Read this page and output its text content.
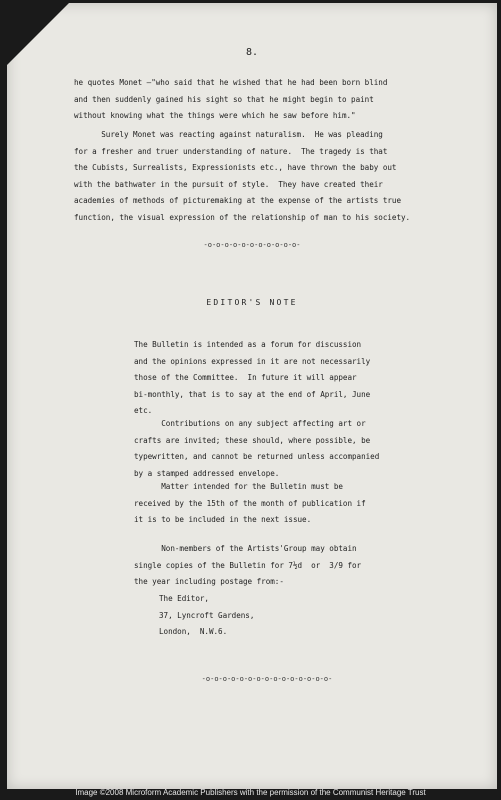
8.
he quotes Monet —"who said that he wished that he had been born blind
and then suddenly gained his sight so that he might begin to paint
without knowing what the things were which he saw before him."
Surely Monet was reacting against naturalism.  He was pleading
for a fresher and truer understanding of nature.  The tragedy is that
the Cubists, Surrealists, Expressionists etc., have thrown the baby out
with the bathwater in the pursuit of style.  They have created their
academies of methods of picturemaking at the expense of the artists true
function, the visual expression of the relationship of man to his society.
-o-o-o-o-o-o-o-o-o-o-o-
EDITOR'S NOTE
The Bulletin is intended as a forum for discussion
and the opinions expressed in it are not necessarily
those of the Committee.  In future it will appear
bi-monthly, that is to say at the end of April, June
etc.
Contributions on any subject affecting art or
crafts are invited; these should, where possible, be
typewritten, and cannot be returned unless accompanied
by a stamped addressed envelope.
Matter intended for the Bulletin must be
received by the 15th of the month of publication if
it is to be included in the next issue.
Non-members of the Artists'Group may obtain
single copies of the Bulletin for 7½d  or  3/9 for
the year including postage from:-
The Editor,
37, Lyncroft Gardens,
London,  N.W.6.
-o-o-o-o-o-o-o-o-o-o-o-o-o-o-o-
Image ©2008 Microform Academic Publishers with the permission of the Communist Heritage Trust
